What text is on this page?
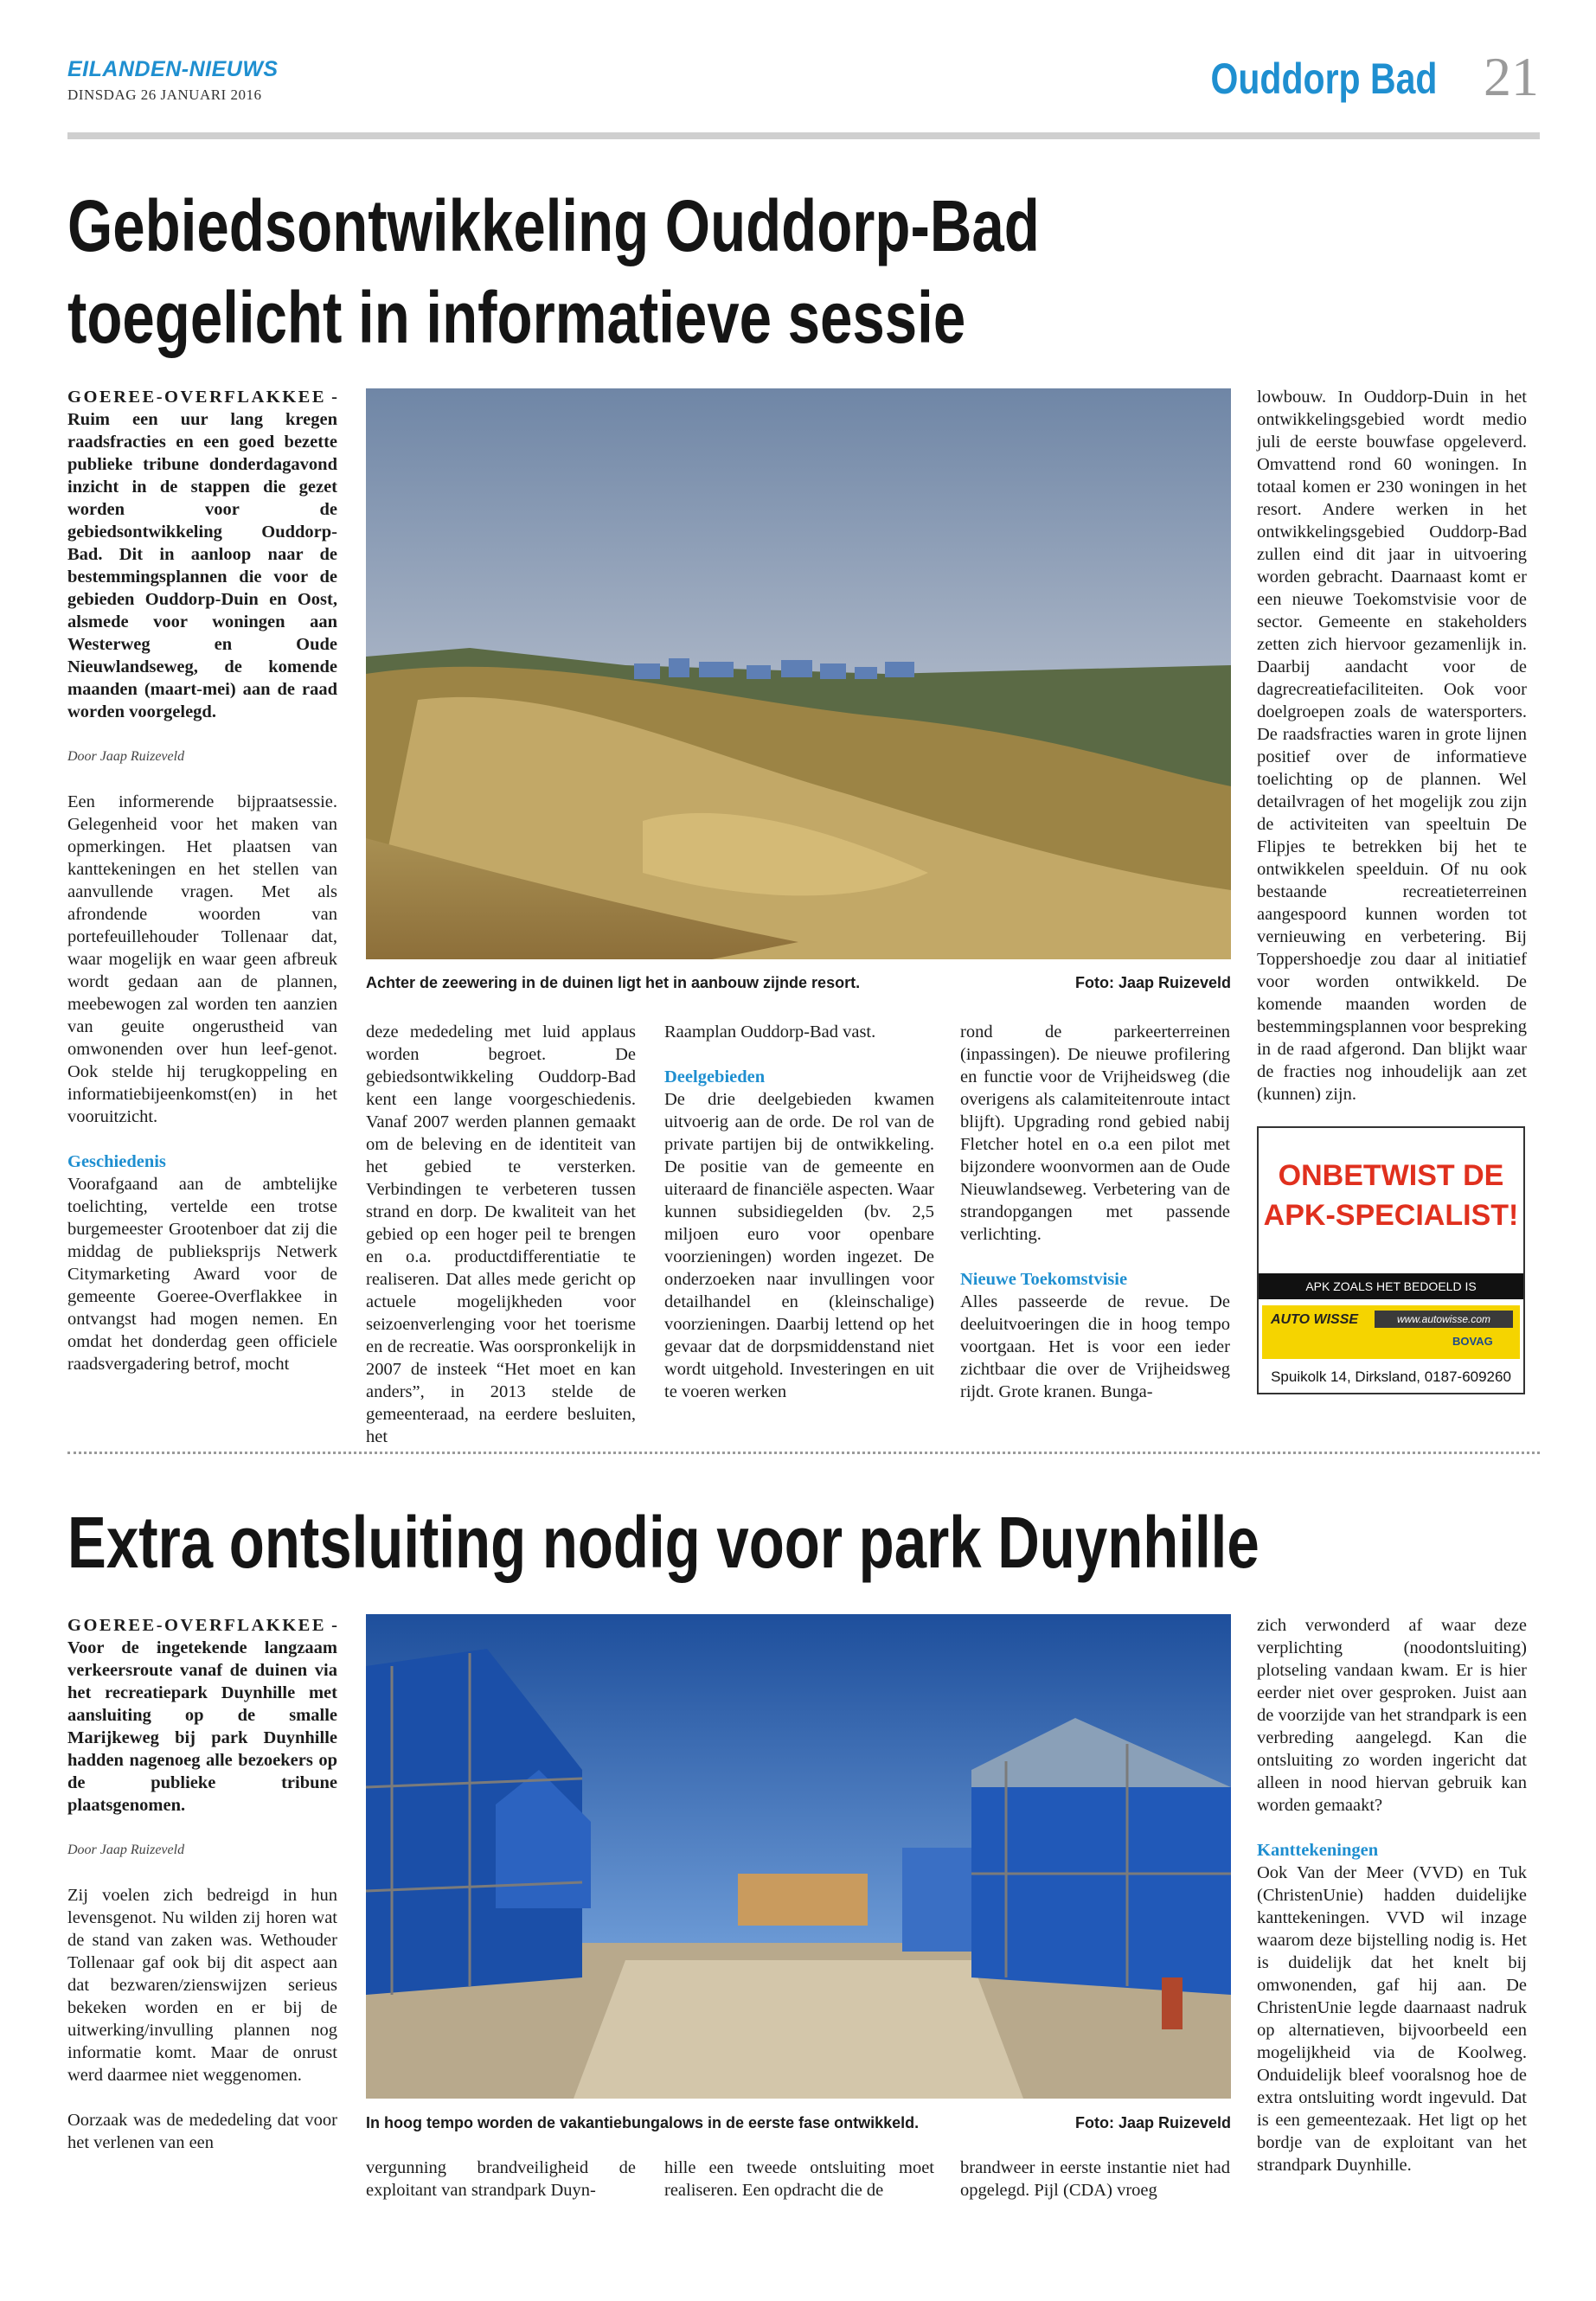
EILANDEN-NIEUWS
DINSDAG 26 JANUARI 2016	Ouddorp Bad 21
Gebiedsontwikkeling Ouddorp-Bad
toegelicht in informatieve sessie

GOEREE-OVERFLAKKEE - Ruim een uur lang kregen raadsfracties en een goed bezette publieke tribune donderdagavond inzicht in de stappen die gezet worden voor de gebiedsontwikkeling Ouddorp-Bad. Dit in aanloop naar de bestemmingsplannen die voor de gebieden Ouddorp-Duin en Oost, alsmede voor woningen aan Westerweg en Oude Nieuwlandseweg, de komende maanden (maart-mei) aan de raad worden voorgelegd.

Door Jaap Ruizeveld

Een informerende bijpraatsessie. Gelegenheid voor het maken van opmerkingen. Het plaatsen van kanttekeningen en het stellen van aanvullende vragen. Met als afrondende woorden van portefeuillehouder Tollenaar dat, waar mogelijk en waar geen afbreuk wordt gedaan aan de plannen, meebewogen zal worden ten aanzien van geuite ongerustheid van omwonenden over hun leef-genot. Ook stelde hij terugkoppeling en informatiebijeenkomst(en) in het vooruitzicht.

Geschiedenis
Voorafgaand aan de ambtelijke toelichting, vertelde een trotse burgemeester Grootenboer dat zij die middag de publieksprijs Netwerk Citymarketing Award voor de gemeente Goeree-Overflakkee in ontvangst had mogen nemen. En omdat het donderdag geen officiele raadsvergadering betrof, mocht

Achter de zeewering in de duinen ligt het in aanbouw zijnde resort.	Foto: Jaap Ruizeveld

deze mededeling met luid applaus worden begroet. De gebiedsontwikkeling Ouddorp-Bad kent een lange voorgeschiedenis. Vanaf 2007 werden plannen gemaakt om de beleving en de identiteit van het gebied te versterken. Verbindingen te verbeteren tussen strand en dorp. De kwaliteit van het gebied op een hoger peil te brengen en o.a. productdifferentiatie te realiseren. Dat alles mede gericht op actuele mogelijkheden voor seizoenverlenging voor het toerisme en de recreatie. Was oorspronkelijk in 2007 de insteek “Het moet en kan anders”, in 2013 stelde de gemeenteraad, na eerdere besluiten, het

Raamplan Ouddorp-Bad vast.

Deelgebieden
De drie deelgebieden kwamen uitvoerig aan de orde. De rol van de private partijen bij de ontwikkeling. De positie van de gemeente en uiteraard de financiële aspecten. Waar kunnen subsidiegelden (bv. 2,5 miljoen euro voor openbare voorzieningen) worden ingezet. De onderzoeken naar invullingen voor detailhandel en (kleinschalige) voorzieningen. Daarbij lettend op het gevaar dat de dorpsmiddenstand niet wordt uitgehold. Investeringen en uit te voeren werken

rond de parkeerterreinen (inpassingen). De nieuwe profilering en functie voor de Vrijheidsweg (die overigens als calamiteitenroute intact blijft). Upgrading rond gebied nabij Fletcher hotel en o.a een pilot met bijzondere woonvormen aan de Oude Nieuwlandseweg. Verbetering van de strandopgangen met passende verlichting.

Nieuwe Toekomstvisie
Alles passeerde de revue. De deeluitvoeringen die in hoog tempo voortgaan. Het is voor een ieder zichtbaar die over de Vrijheidsweg rijdt. Grote kranen. Bunga-

lowbouw. In Ouddorp-Duin in het ontwikkelingsgebied wordt medio juli de eerste bouwfase opgeleverd. Omvattend rond 60 woningen. In totaal komen er 230 woningen in het resort. Andere werken in het ontwikkelingsgebied Ouddorp-Bad zullen eind dit jaar in uitvoering worden gebracht. Daarnaast komt er een nieuwe Toekomstvisie voor de sector. Gemeente en stakeholders zetten zich hiervoor gezamenlijk in. Daarbij aandacht voor de dagrecreatiefaciliteiten. Ook voor doelgroepen zoals de watersporters. De raadsfracties waren in grote lijnen positief over de informatieve toelichting op de plannen. Wel detailvragen of het mogelijk zou zijn de activiteiten van speeltuin De Flipjes te betrekken bij het te ontwikkelen speelduin. Of nu ook bestaande recreatieterreinen aangespoord kunnen worden tot vernieuwing en verbetering. Bij Toppershoedje zou daar al initiatief voor worden ontwikkeld. De komende maanden worden de bestemmingsplannen voor bespreking in de raad afgerond. Dan blijkt waar de fracties nog inhoudelijk aan zet (kunnen) zijn.

ONBETWIST DE
APK-SPECIALIST!
APK ZOALS HET BEDOELD IS
AUTO WISSE	www.autowisse.com
BOVAG
Spuikolk 14, Dirksland, 0187-609260
Extra ontsluiting nodig voor park Duynhille

GOEREE-OVERFLAKKEE - Voor de ingetekende langzaam verkeersroute vanaf de duinen via het recreatiepark Duynhille met aansluiting op de smalle Marijkeweg bij park Duynhille hadden nagenoeg alle bezoekers op de publieke tribune plaatsgenomen.

Door Jaap Ruizeveld

Zij voelen zich bedreigd in hun levensgenot. Nu wilden zij horen wat de stand van zaken was. Wethouder Tollenaar gaf ook bij dit aspect aan dat bezwaren/zienswijzen serieus bekeken worden en er bij de uitwerking/invulling plannen nog informatie komt. Maar de onrust werd daarmee niet weggenomen.

Oorzaak was de mededeling dat voor het verlenen van een

In hoog tempo worden de vakantiebungalows in de eerste fase ontwikkeld.	Foto: Jaap Ruizeveld

vergunning brandveiligheid de exploitant van strandpark Duyn-

hille een tweede ontsluiting moet realiseren. Een opdracht die de

brandweer in eerste instantie niet had opgelegd. Pijl (CDA) vroeg

zich verwonderd af waar deze verplichting (noodontsluiting) plotseling vandaan kwam. Er is hier eerder niet over gesproken. Juist aan de voorzijde van het strandpark is een verbreding aangelegd. Kan die ontsluiting zo worden ingericht dat alleen in nood hiervan gebruik kan worden gemaakt?

Kanttekeningen
Ook Van der Meer (VVD) en Tuk (ChristenUnie) hadden duidelijke kanttekeningen. VVD wil inzage waarom deze bijstelling nodig is. Het is duidelijk dat het knelt bij omwonenden, gaf hij aan. De ChristenUnie legde daarnaast nadruk op alternatieven, bijvoorbeeld een mogelijkheid via de Koolweg. Onduidelijk bleef vooralsnog hoe de extra ontsluiting wordt ingevuld. Dat is een gemeentezaak. Het ligt op het bordje van de exploitant van het strandpark Duynhille.
